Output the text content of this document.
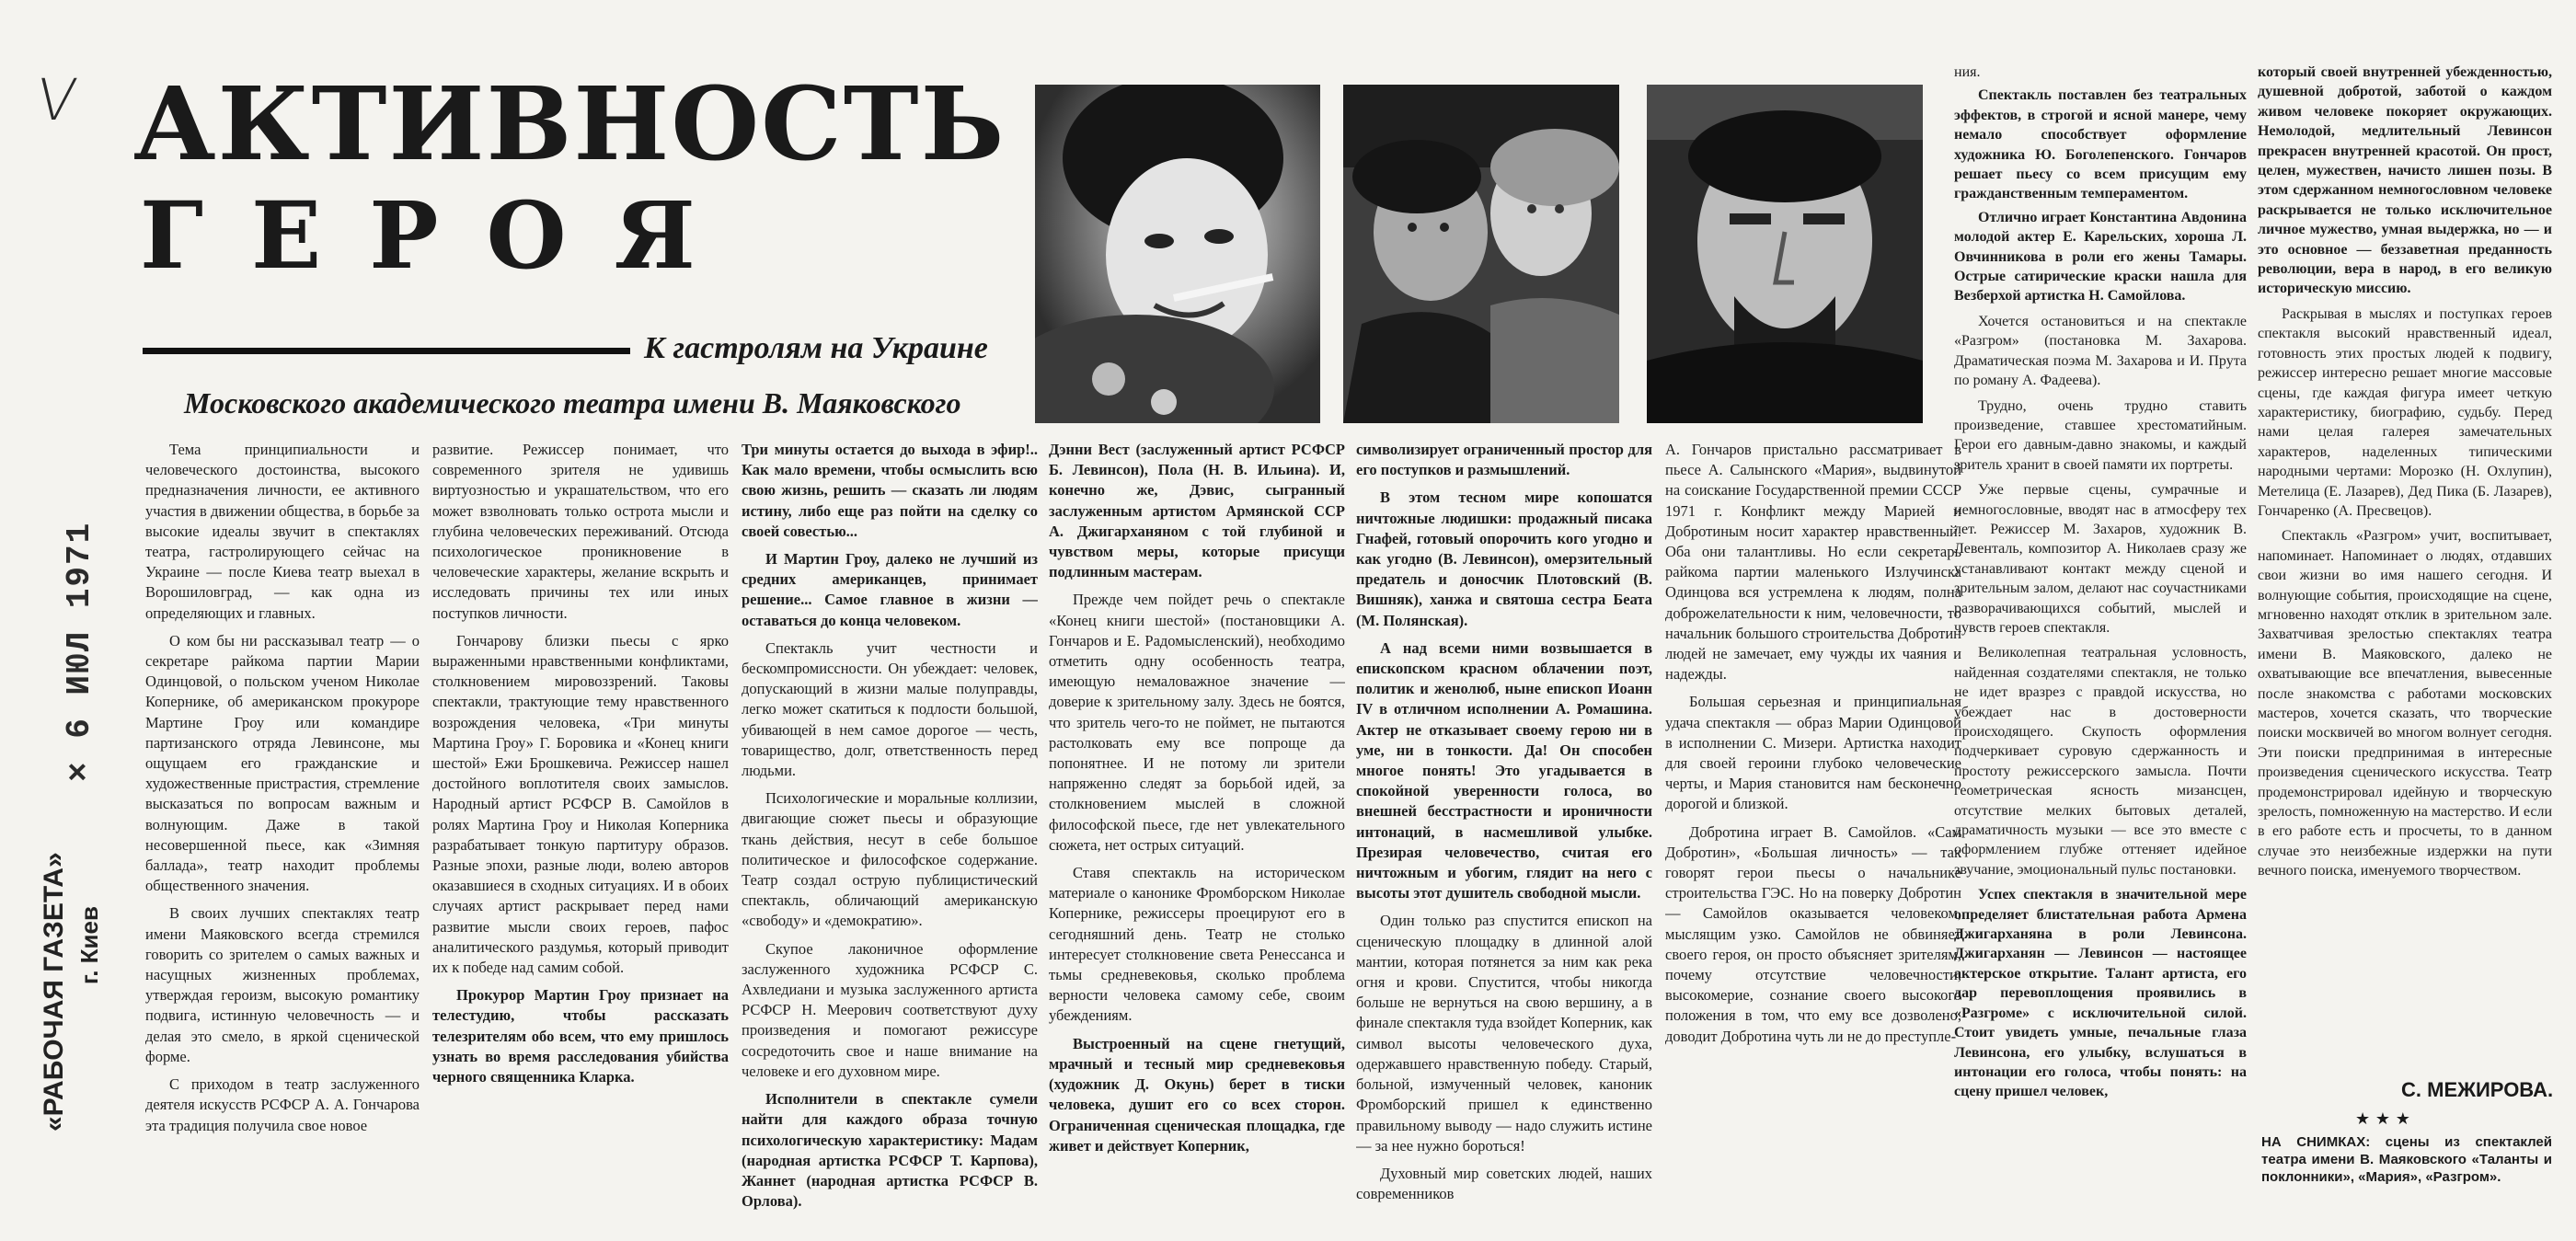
V
× 6 ИЮЛ 1971
«РАБОЧАЯ ГАЗЕТА» г. Киев
АКТИВНОСТЬ
ГЕРОЯ
К гастролям на Украине
Московского академического театра имени В. Маяковского

Тема принципиальности и человеческого достоинства, высокого предназначения личности, ее активного участия в движении общества, в борьбе за высокие идеалы звучит в спектаклях театра, гастролирующего сейчас на Украине — после Киева театр выехал в Ворошиловград, — как одна из определяющих и главных.

О ком бы ни рассказывал театр — о секретаре райкома партии Марии Одинцовой, о польском ученом Николае Копернике, об американском прокуроре Мартине Гроу или командире партизанского отряда Левинсоне, мы ощущаем его гражданские и художественные пристрастия, стремление высказаться по вопросам важным и волнующим. Даже в такой несовершенной пьесе, как «Зимняя баллада», театр находит проблемы общественного значения.

В своих лучших спектаклях театр имени Маяковского всегда стремился говорить со зрителем о самых важных и насущных жизненных проблемах, утверждая героизм, высокую романтику подвига, истинную человечность — и делая это смело, в яркой сценической форме.

С приходом в театр заслуженного деятеля искусств РСФСР А. А. Гончарова эта традиция получила свое новое

развитие. Режиссер понимает, что современного зрителя не удивишь виртуозностью и украшательством, что его может взволновать только острота мысли и глубина человеческих переживаний. Отсюда психологическое проникновение в человеческие характеры, желание вскрыть и исследовать причины тех или иных поступков личности.

Гончарову близки пьесы с ярко выраженными нравственными конфликтами, столкновением мировоззрений. Таковы спектакли, трактующие тему нравственного возрождения человека, «Три минуты Мартина Гроу» Г. Боровика и «Конец книги шестой» Ежи Брошкевича. Режиссер нашел достойного воплотителя своих замыслов. Народный артист РСФСР В. Самойлов в ролях Мартина Гроу и Николая Коперника разрабатывает тонкую партитуру образов. Разные эпохи, разные люди, волею авторов оказавшиеся в сходных ситуациях. И в обоих случаях артист раскрывает перед нами развитие мысли своих героев, пафос аналитического раздумья, который приводит их к победе над самим собой.

Прокурор Мартин Гроу признает на телестудию, чтобы рассказать телезрителям обо всем, что ему пришлось узнать во время расследования убийства черного священника Кларка.

Три минуты остается до выхода в эфир!.. Как мало времени, чтобы осмыслить всю свою жизнь, решить — сказать ли людям истину, либо еще раз пойти на сделку со своей совестью...

И Мартин Гроу, далеко не лучший из средних американцев, принимает решение... Самое главное в жизни — оставаться до конца человеком.

Спектакль учит честности и бескомпромиссности. Он убеждает: человек, допускающий в жизни малые полуправды, легко может скатиться к подлости большой, убивающей в нем самое дорогое — честь, товарищество, долг, ответственность перед людьми.

Психологические и моральные коллизии, двигающие сюжет пьесы и образующие ткань действия, несут в себе большое политическое и философское содержание. Театр создал острую публицистический спектакль, обличающий американскую «свободу» и «демократию».

Скупое лаконичное оформление заслуженного художника РСФСР С. Ахвледиани и музыка заслуженного артиста РСФСР Н. Меерович соответствуют духу произведения и помогают режиссуре сосредоточить свое и наше внимание на человеке и его духовном мире.

Исполнители в спектакле сумели найти для каждого образа точную психологическую характеристику: Мадам (народная артистка РСФСР Т. Карпова), Жаннет (народная артистка РСФСР В. Орлова).

Дэнни Вест (заслуженный артист РСФСР Б. Левинсон), Пола (Н. В. Ильина). И, конечно же, Дэвис, сыгранный заслуженным артистом Армянской ССР А. Джигарханяном с той глубиной и чувством меры, которые присущи подлинным мастерам.

Прежде чем пойдет речь о спектакле «Конец книги шестой» (постановщики А. Гончаров и Е. Радомысленский), необходимо отметить одну особенность театра, имеющую немаловажное значение — доверие к зрительному залу. Здесь не боятся, что зритель чего-то не поймет, не пытаются растолковать ему все попроще да попонятнее. И не потому ли зрители напряженно следят за борьбой идей, за столкновением мыслей в сложной философской пьесе, где нет увлекательного сюжета, нет острых ситуаций.

Ставя спектакль на историческом материале о канонике Фромборском Николае Копернике, режиссеры проецируют его в сегодняшний день. Театр не столько интересует столкновение света Ренессанса и тьмы средневековья, сколько проблема верности человека самому себе, своим убеждениям.

Выстроенный на сцене гнетущий, мрачный и тесный мир средневековья (художник Д. Окунь) берет в тиски человека, душит его со всех сторон. Ограниченная сценическая площадка, где живет и действует Коперник,

символизирует ограниченный простор для его поступков и размышлений.

В этом тесном мире копошатся ничтожные людишки: продажный писака Гнафей, готовый опорочить кого угодно и как угодно (В. Левинсон), омерзительный предатель и доносчик Плотовский (В. Вишняк), ханжа и святоша сестра Беата (М. Полянская).

А над всеми ними возвышается в епископском красном облачении поэт, политик и женолюб, ныне епископ Иоанн IV в отличном исполнении А. Ромашина. Актер не отказывает своему герою ни в уме, ни в тонкости. Да! Он способен многое понять! Это угадывается в спокойной уверенности голоса, во внешней бесстрастности и ироничности интонаций, в насмешливой улыбке. Презирая человечество, считая его ничтожным и убогим, глядит на него с высоты этот душитель свободной мысли.

Один только раз спустится епископ на сценическую площадку в длинной алой мантии, которая потянется за ним как река огня и крови. Спустится, чтобы никогда больше не вернуться на свою вершину, а в финале спектакля туда взойдет Коперник, как символ высоты человеческого духа, одержавшего нравственную победу. Старый, больной, измученный человек, каноник Фромборский пришел к единственно правильному выводу — надо служить истине — за нее нужно бороться!

Духовный мир советских людей, наших современников

А. Гончаров пристально рассматривает в пьесе А. Салынского «Мария», выдвинутой на соискание Государственной премии СССР 1971 г. Конфликт между Марией и Добротиным носит характер нравственный. Оба они талантливы. Но если секретарь райкома партии маленького Излучинска Одинцова вся устремлена к людям, полна доброжелательности к ним, человечности, то начальник большого строительства Добротин людей не замечает, ему чужды их чаяния и надежды.

Большая серьезная и принципиальная удача спектакля — образ Марии Одинцовой в исполнении С. Мизери. Артистка находит для своей героини глубоко человеческие черты, и Мария становится нам бесконечно дорогой и близкой.

Добротина играет В. Самойлов. «Сам Добротин», «Большая личность» — так говорят герои пьесы о начальнике строительства ГЭС. Но на поверку Добротин — Самойлов оказывается человеком, мыслящим узко. Самойлов не обвиняет своего героя, он просто объясняет зрителям, почему отсутствие человечности, высокомерие, сознание своего высокого положения в том, что ему все дозволено, доводит Добротина чуть ли не до преступле-

ния.

Спектакль поставлен без театральных эффектов, в строгой и ясной манере, чему немало способствует оформление художника Ю. Боголепенского. Гончаров решает пьесу со всем присущим ему гражданственным темпераментом.

Отлично играет Константина Авдонина молодой актер Е. Карельских, хороша Л. Овчинникова в роли его жены Тамары. Острые сатирические краски нашла для Везберхой артистка Н. Самойлова.

Хочется остановиться и на спектакле «Разгром» (постановка М. Захарова. Драматическая поэма М. Захарова и И. Прута по роману А. Фадеева).

Трудно, очень трудно ставить произведение, ставшее хрестоматийным. Герои его давным-давно знакомы, и каждый зритель хранит в своей памяти их портреты.

Уже первые сцены, сумрачные и немногословные, вводят нас в атмосферу тех лет. Режиссер М. Захаров, художник В. Левенталь, композитор А. Николаев сразу же устанавливают контакт между сценой и зрительным залом, делают нас соучастниками разворачивающихся событий, мыслей и чувств героев спектакля.

Великолепная театральная условность, найденная создателями спектакля, не только не идет вразрез с правдой искусства, но убеждает нас в достоверности происходящего. Скупость оформления подчеркивает суровую сдержанность и простоту режиссерского замысла. Почти геометрическая ясность мизансцен, отсутствие мелких бытовых деталей, драматичность музыки — все это вместе с оформлением глубже оттеняет идейное звучание, эмоциональный пульс постановки.

Успех спектакля в значительной мере определяет блистательная работа Армена Джигарханяна в роли Левинсона. Джигарханян — Левинсон — настоящее актерское открытие. Талант артиста, его дар перевоплощения проявились в «Разгроме» с исключительной силой. Стоит увидеть умные, печальные глаза Левинсона, его улыбку, вслушаться в интонации его голоса, чтобы понять: на сцену пришел человек,

который своей внутренней убежденностью, душевной добротой, заботой о каждом живом человеке покоряет окружающих. Немолодой, медлительный Левинсон прекрасен внутренней красотой. Он прост, целен, мужествен, начисто лишен позы. В этом сдержанном немногословном человеке раскрывается не только исключительное личное мужество, умная выдержка, но — и это основное — беззаветная преданность революции, вера в народ, в его великую историческую миссию.

Раскрывая в мыслях и поступках героев спектакля высокий нравственный идеал, готовность этих простых людей к подвигу, режиссер интересно решает многие массовые сцены, где каждая фигура имеет четкую характеристику, биографию, судьбу. Перед нами целая галерея замечательных характеров, наделенных типическими народными чертами: Морозко (Н. Охлупин), Метелица (Е. Лазарев), Дед Пика (Б. Лазарев), Гончаренко (А. Пресвецов).

Спектакль «Разгром» учит, воспитывает, напоминает. Напоминает о людях, отдавших свои жизни во имя нашего сегодня. И волнующие события, происходящие на сцене, мгновенно находят отклик в зрительном зале. Захватчивая зрелостью спектаклях театра имени В. Маяковского, далеко не охватывающие все впечатления, вывесенные после знакомства с работами московских мастеров, хочется сказать, что творческие поиски москвичей во многом волнует сегодня. Эти поиски предпринимая в интересные произведения сценического искусства. Театр продемонстрировал идейную и творческую зрелость, помноженную на мастерство. И если в его работе есть и просчеты, то в данном случае это неизбежные издержки на пути вечного поиска, именуемого творчеством.

С. МЕЖИРОВА.
★ ★ ★
НА СНИМКАХ: сцены из спектаклей театра имени В. Маяковского «Таланты и поклонники», «Мария», «Разгром».
